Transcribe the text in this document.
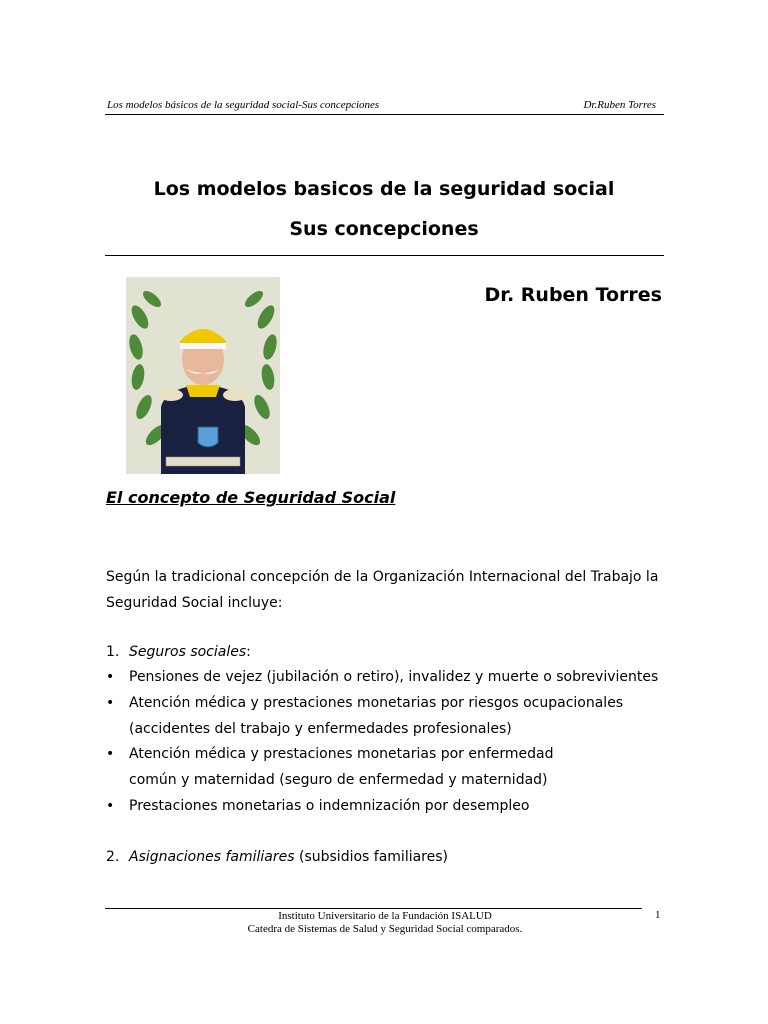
Los modelos básicos de la seguridad social-Sus concepciones	Dr.Ruben Torres
Los modelos basicos de la seguridad social
Sus concepciones
Dr. Ruben Torres
El concepto de Seguridad Social
Según la tradicional concepción de la Organización Internacional del Trabajo la Seguridad Social incluye:
1. Seguros sociales:
• Pensiones de vejez (jubilación o retiro), invalidez y muerte o sobrevivientes
• Atención médica y prestaciones monetarias por riesgos ocupacionales (accidentes del trabajo y enfermedades profesionales)
• Atención médica y prestaciones monetarias por enfermedad común y maternidad (seguro de enfermedad y maternidad)
• Prestaciones monetarias o indemnización por desempleo
2. Asignaciones familiares (subsidios familiares)
Instituto Universitario de la Fundación ISALUD
Catedra de Sistemas de Salud y Seguridad Social comparados.
1
